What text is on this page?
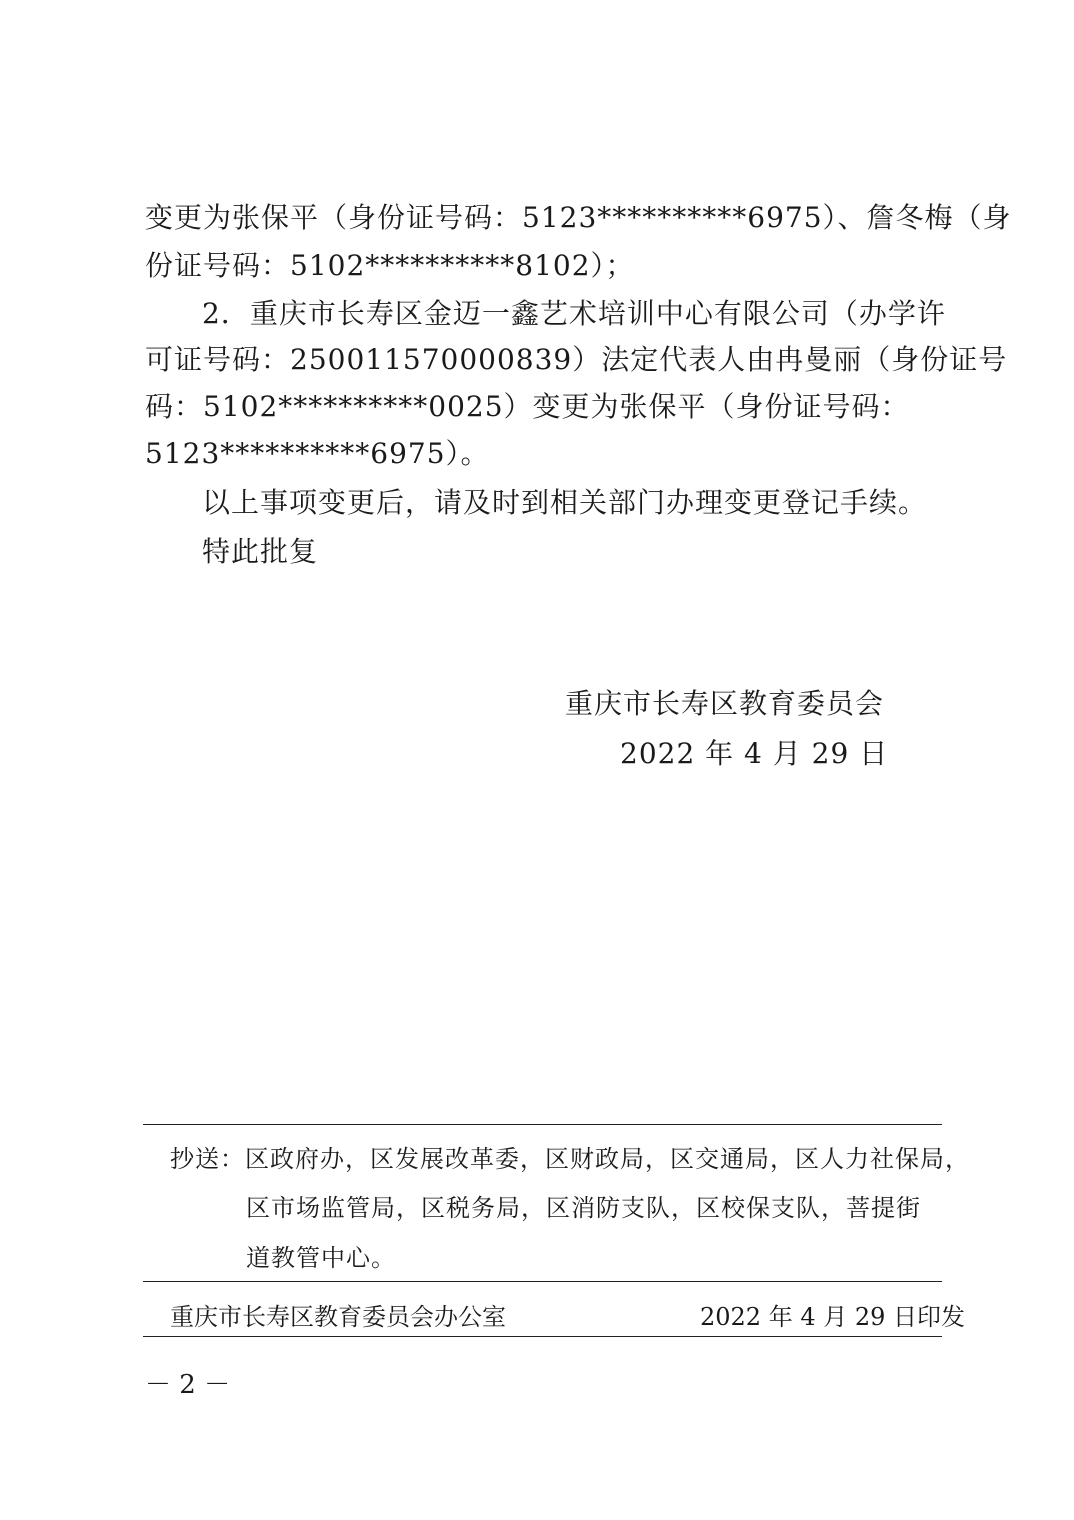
变更为张保平（身份证号码：5123**********6975）、詹冬梅（身
份证号码：5102**********8102）；
2．重庆市长寿区金迈一鑫艺术培训中心有限公司（办学许
可证号码：250011570000839）法定代表人由冉曼丽（身份证号
码：5102**********0025）变更为张保平（身份证号码：
5123**********6975）。
以上事项变更后，请及时到相关部门办理变更登记手续。
特此批复
重庆市长寿区教育委员会
2022 年 4 月 29 日
抄送：区政府办，区发展改革委，区财政局，区交通局，区人力社保局，
区市场监管局，区税务局，区消防支队，区校保支队，菩提街
道教管中心。
重庆市长寿区教育委员会办公室	2022 年 4 月 29 日印发
－ 2 －
